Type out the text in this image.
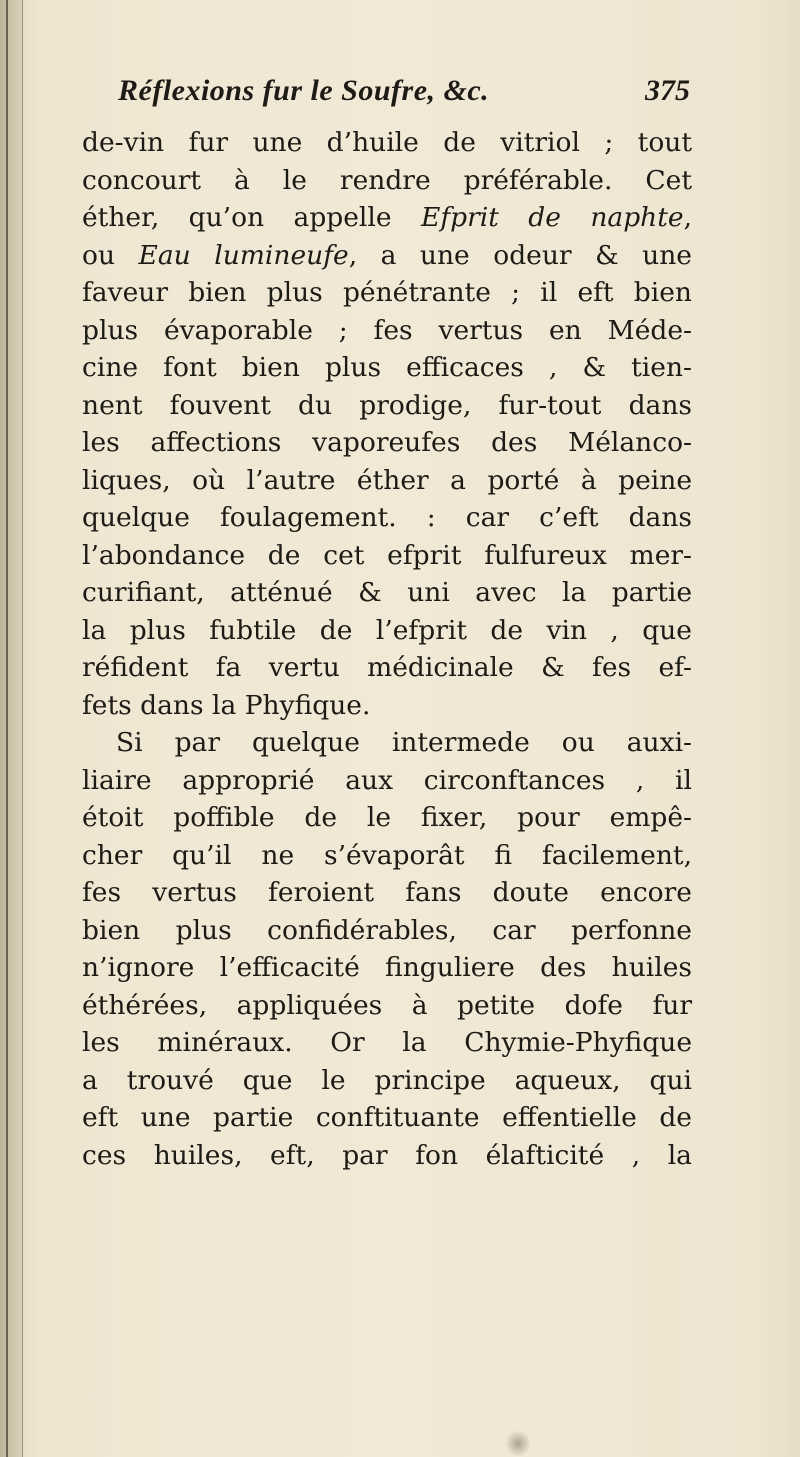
Réflexions fur le Soufre, &c.	375
de-vin fur une d’huile de vitriol ; tout
concourt à le rendre préférable. Cet
éther, qu’on appelle Efprit de naphte,
ou Eau lumineufe, a une odeur & une
faveur bien plus pénétrante ; il eft bien
plus évaporable ; fes vertus en Méde-
cine font bien plus efficaces , & tien-
nent fouvent du prodige, fur-tout dans
les affections vaporeufes des Mélanco-
liques, où l’autre éther a porté à peine
quelque foulagement. : car c’eft dans
l’abondance de cet efprit fulfureux mer-
curifiant, atténué & uni avec la partie
la plus fubtile de l’efprit de vin , que
réfident fa vertu médicinale & fes ef-
fets dans la Phyfique.
Si par quelque intermede ou auxi-
liaire approprié aux circonftances , il
étoit poffible de le fixer, pour empê-
cher qu’il ne s’évaporât fi facilement,
fes vertus feroient fans doute encore
bien plus confidérables, car perfonne
n’ignore l’efficacité finguliere des huiles
éthérées, appliquées à petite dofe fur
les minéraux. Or la Chymie-Phyfique
a trouvé que le principe aqueux, qui
eft une partie conftituante effentielle de
ces huiles, eft, par fon élafticité , la
